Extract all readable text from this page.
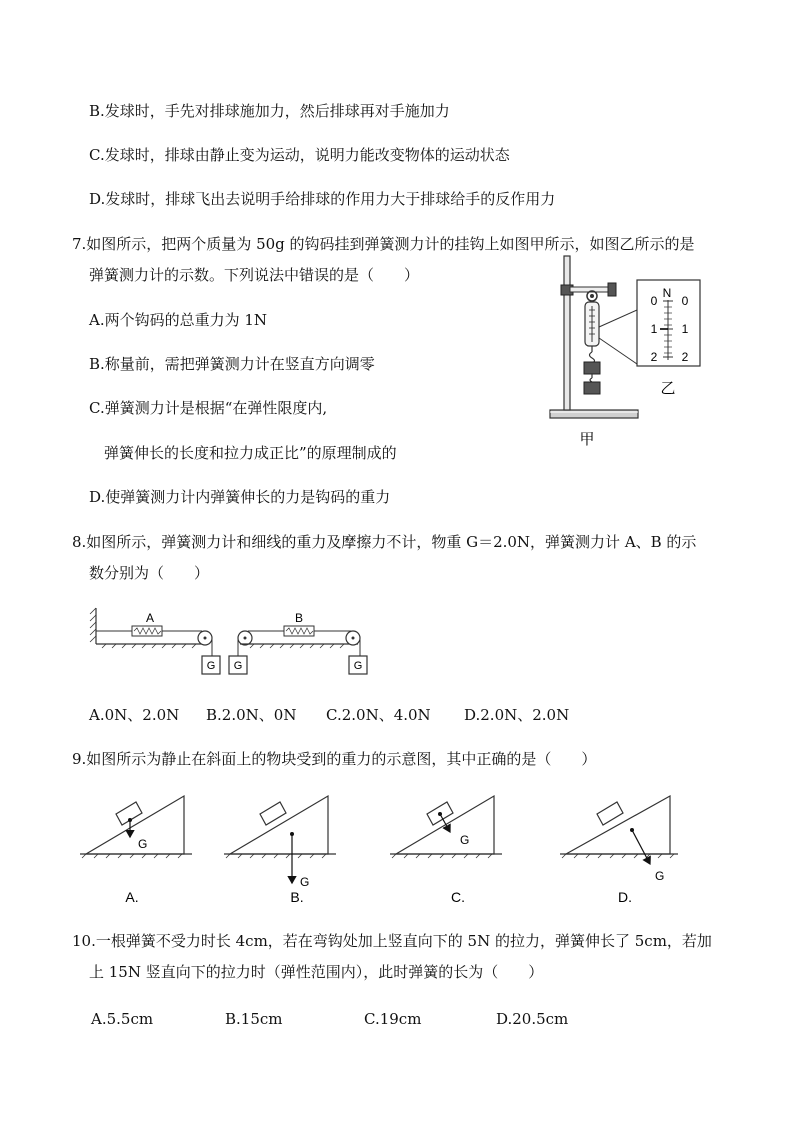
B.发球时，手先对排球施加力，然后排球再对手施加力
C.发球时，排球由静止变为运动，说明力能改变物体的运动状态
D.发球时，排球飞出去说明手给排球的作用力大于排球给手的反作用力
7.如图所示，把两个质量为 50g 的钩码挂到弹簧测力计的挂钩上如图甲所示，如图乙所示的是
弹簧测力计的示数。下列说法中错误的是（　　）
A.两个钩码的总重力为 1N
B.称量前，需把弹簧测力计在竖直方向调零
C.弹簧测力计是根据“在弹性限度内,
弹簧伸长的长度和拉力成正比”的原理制成的
D.使弹簧测力计内弹簧伸长的力是钩码的重力
N
0
1
2
0
1
2
乙
甲
8.如图所示，弹簧测力计和细线的重力及摩擦力不计，物重 G＝2.0N，弹簧测力计 A、B 的示
数分别为（　　）
A
G G
B
G
A.0N、2.0N B.2.0N、0N C.2.0N、4.0N D.2.0N、2.0N
9.如图所示为静止在斜面上的物块受到的重力的示意图，其中正确的是（　　）
G
G
G
G
A.	B.	C.	D.
10.一根弹簧不受力时长 4cm，若在弯钩处加上竖直向下的 5N 的拉力，弹簧伸长了 5cm，若加
上 15N 竖直向下的拉力时（弹性范围内），此时弹簧的长为（　　）
A.5.5cm	B.15cm	C.19cm	D.20.5cm
